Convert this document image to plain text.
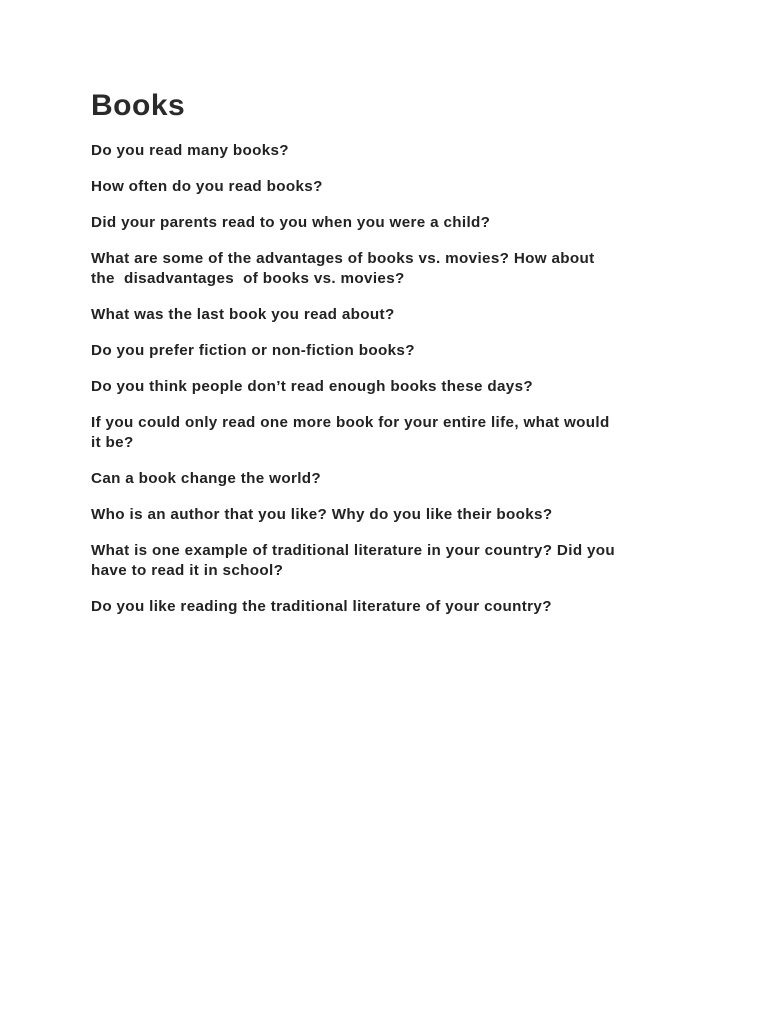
Books
Do you read many books?
How often do you read books?
Did your parents read to you when you were a child?
What are some of the advantages of books vs. movies? How about
the  disadvantages  of books vs. movies?
What was the last book you read about?
Do you prefer fiction or non-fiction books?
Do you think people don’t read enough books these days?
If you could only read one more book for your entire life, what would
it be?
Can a book change the world?
Who is an author that you like? Why do you like their books?
What is one example of traditional literature in your country? Did you
have to read it in school?
Do you like reading the traditional literature of your country?
